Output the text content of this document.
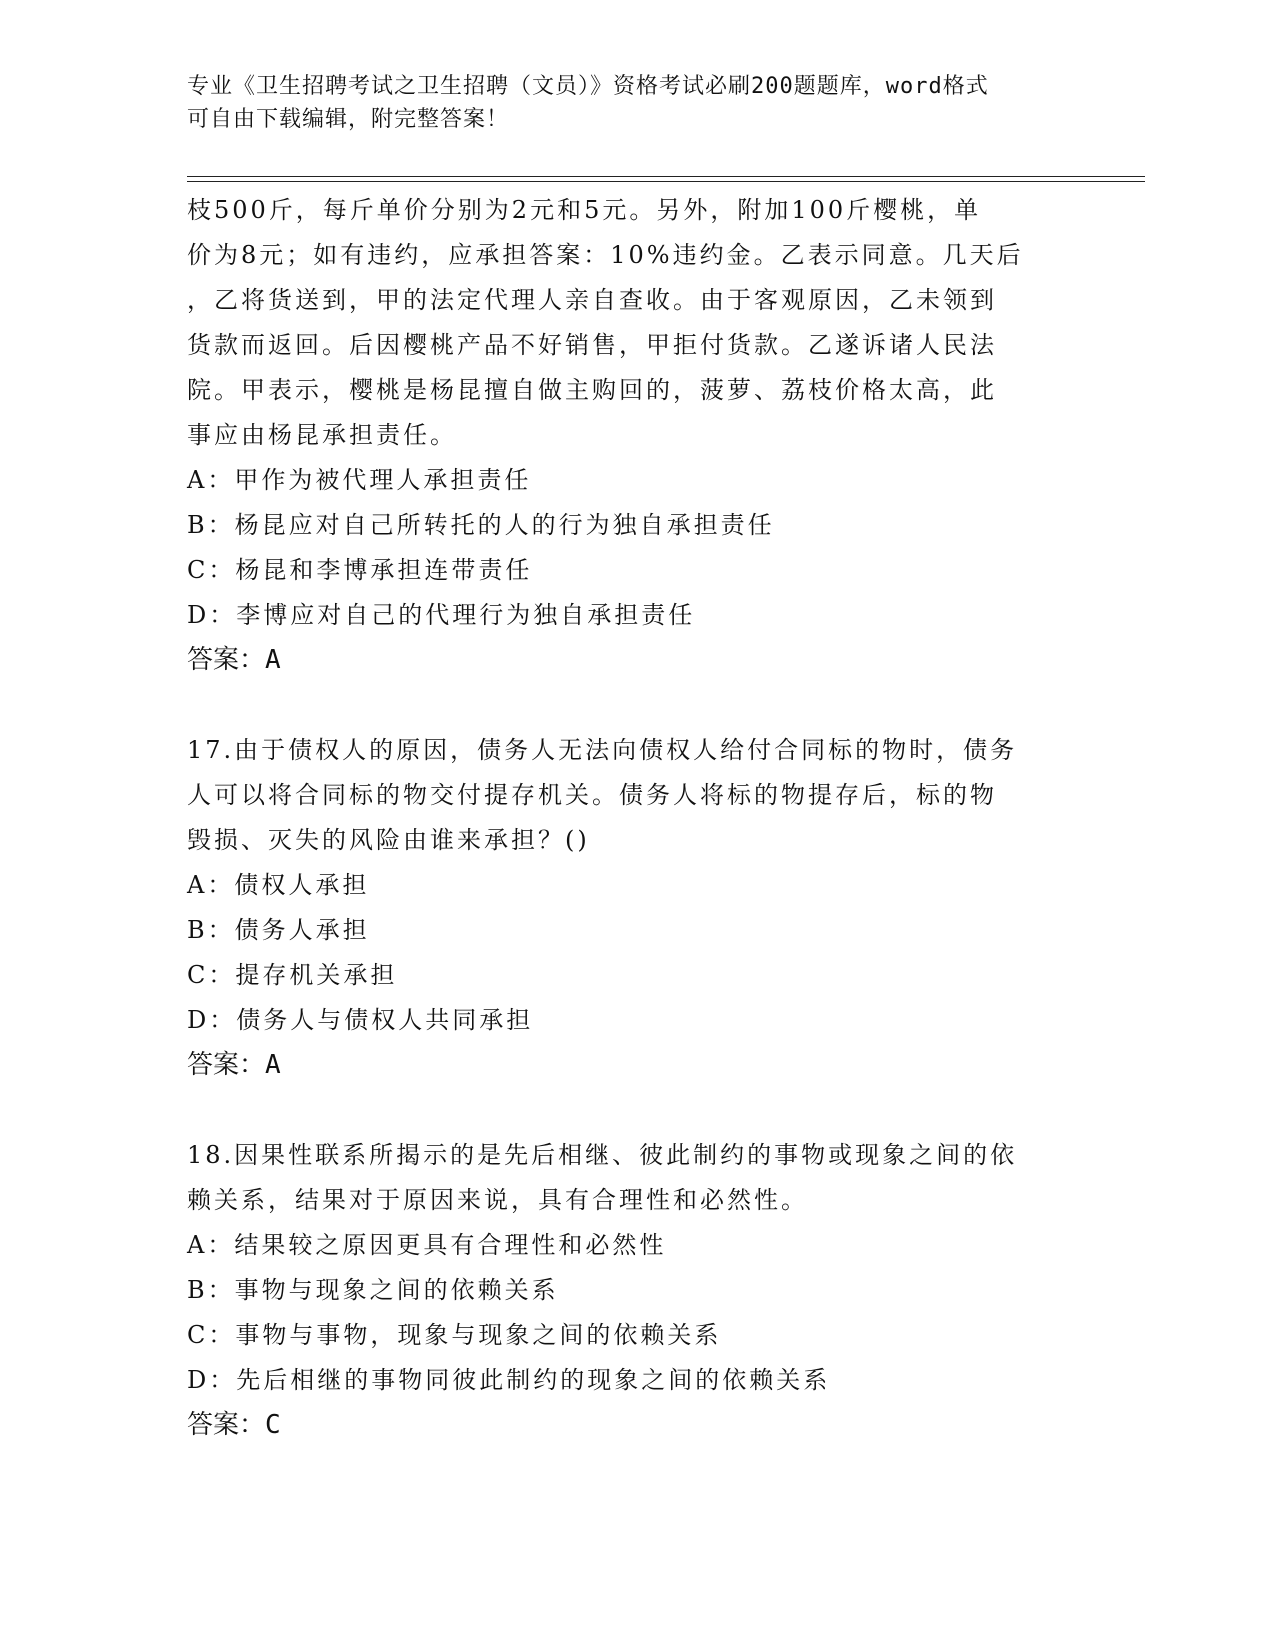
专业《卫生招聘考试之卫生招聘（文员）》资格考试必刷200题题库，word格式
可自由下载编辑，附完整答案！
枝500斤，每斤单价分别为2元和5元。另外，附加100斤樱桃，单
价为8元；如有违约，应承担答案：10%违约金。乙表示同意。几天后
，乙将货送到，甲的法定代理人亲自查收。由于客观原因，乙未领到
货款而返回。后因樱桃产品不好销售，甲拒付货款。乙遂诉诸人民法
院。甲表示，樱桃是杨昆擅自做主购回的，菠萝、荔枝价格太高，此
事应由杨昆承担责任。
A：甲作为被代理人承担责任
B：杨昆应对自己所转托的人的行为独自承担责任
C：杨昆和李博承担连带责任
D：李博应对自己的代理行为独自承担责任
答案：A
17.由于债权人的原因，债务人无法向债权人给付合同标的物时，债务
人可以将合同标的物交付提存机关。债务人将标的物提存后，标的物
毁损、灭失的风险由谁来承担？()
A：债权人承担
B：债务人承担
C：提存机关承担
D：债务人与债权人共同承担
答案：A
18.因果性联系所揭示的是先后相继、彼此制约的事物或现象之间的依
赖关系，结果对于原因来说，具有合理性和必然性。
A：结果较之原因更具有合理性和必然性
B：事物与现象之间的依赖关系
C：事物与事物，现象与现象之间的依赖关系
D：先后相继的事物同彼此制约的现象之间的依赖关系
答案：C
